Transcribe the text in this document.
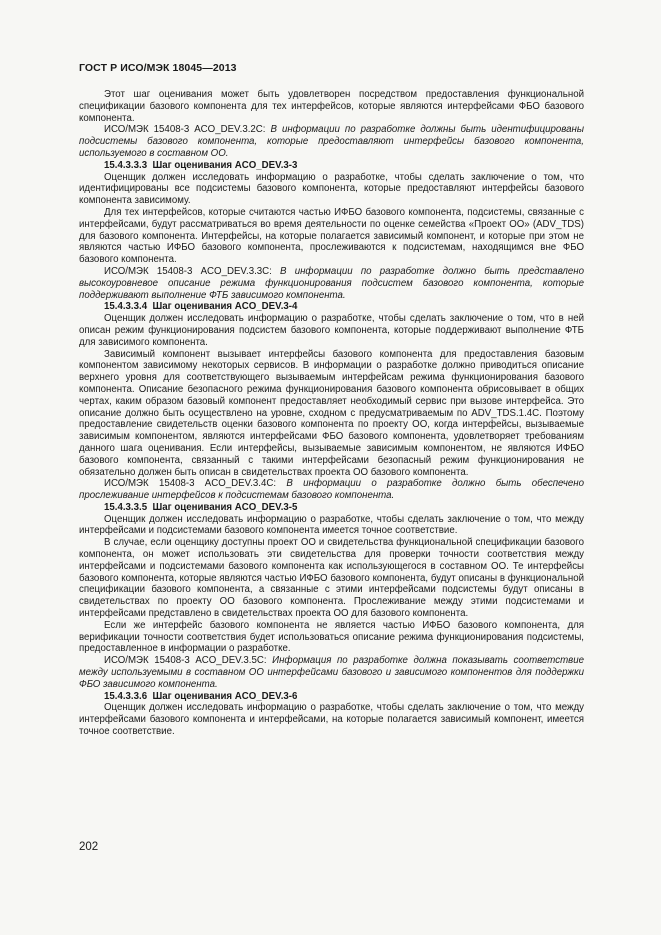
ГОСТ Р ИСО/МЭК 18045—2013

Этот шаг оценивания может быть удовлетворен посредством предоставления функциональной спецификации базового компонента для тех интерфейсов, которые являются интерфейсами ФБО базового компонента.

ИСО/МЭК 15408-3 ACO_DEV.3.2C: В информации по разработке должны быть идентифицированы подсистемы базового компонента, которые предоставляют интерфейсы базового компонента, используемого в составном ОО.

15.4.3.3.3 Шаг оценивания ACO_DEV.3-3

Оценщик должен исследовать информацию о разработке, чтобы сделать заключение о том, что идентифицированы все подсистемы базового компонента, которые предоставляют интерфейсы базового компонента зависимому.

Для тех интерфейсов, которые считаются частью ИФБО базового компонента, подсистемы, связанные с интерфейсами, будут рассматриваться во время деятельности по оценке семейства «Проект ОО» (ADV_TDS) для базового компонента. Интерфейсы, на которые полагается зависимый компонент, и которые при этом не являются частью ИФБО базового компонента, прослеживаются к подсистемам, находящимся вне ФБО базового компонента.

ИСО/МЭК 15408-3 ACO_DEV.3.3C: В информации по разработке должно быть представлено высокоуровневое описание режима функционирования подсистем базового компонента, которые поддерживают выполнение ФТБ зависимого компонента.

15.4.3.3.4 Шаг оценивания ACO_DEV.3-4

Оценщик должен исследовать информацию о разработке, чтобы сделать заключение о том, что в ней описан режим функционирования подсистем базового компонента, которые поддерживают выполнение ФТБ для зависимого компонента.

Зависимый компонент вызывает интерфейсы базового компонента для предоставления базовым компонентом зависимому некоторых сервисов. В информации о разработке должно приводиться описание верхнего уровня для соответствующего вызываемым интерфейсам режима функционирования базового компонента. Описание безопасного режима функционирования базового компонента обрисовывает в общих чертах, каким образом базовый компонент предоставляет необходимый сервис при вызове интерфейса. Это описание должно быть осуществлено на уровне, сходном с предусматриваемым по ADV_TDS.1.4C. Поэтому предоставление свидетельств оценки базового компонента по проекту ОО, когда интерфейсы, вызываемые зависимым компонентом, являются интерфейсами ФБО базового компонента, удовлетворяет требованиям данного шага оценивания. Если интерфейсы, вызываемые зависимым компонентом, не являются ИФБО базового компонента, связанный с такими интерфейсами безопасный режим функционирования не обязательно должен быть описан в свидетельствах проекта ОО базового компонента.

ИСО/МЭК 15408-3 ACO_DEV.3.4C: В информации о разработке должно быть обеспечено прослеживание интерфейсов к подсистемам базового компонента.

15.4.3.3.5 Шаг оценивания ACO_DEV.3-5

Оценщик должен исследовать информацию о разработке, чтобы сделать заключение о том, что между интерфейсами и подсистемами базового компонента имеется точное соответствие.

В случае, если оценщику доступны проект ОО и свидетельства функциональной спецификации базового компонента, он может использовать эти свидетельства для проверки точности соответствия между интерфейсами и подсистемами базового компонента как использующегося в составном ОО. Те интерфейсы базового компонента, которые являются частью ИФБО базового компонента, будут описаны в функциональной спецификации базового компонента, а связанные с этими интерфейсами подсистемы будут описаны в свидетельствах по проекту ОО базового компонента. Прослеживание между этими подсистемами и интерфейсами представлено в свидетельствах проекта ОО для базового компонента.

Если же интерфейс базового компонента не является частью ИФБО базового компонента, для верификации точности соответствия будет использоваться описание режима функционирования подсистемы, предоставленное в информации о разработке.

ИСО/МЭК 15408-3 ACO_DEV.3.5C: Информация по разработке должна показывать соответствие между используемыми в составном ОО интерфейсами базового и зависимого компонентов для поддержки ФБО зависимого компонента.

15.4.3.3.6 Шаг оценивания ACO_DEV.3-6

Оценщик должен исследовать информацию о разработке, чтобы сделать заключение о том, что между интерфейсами базового компонента и интерфейсами, на которые полагается зависимый компонент, имеется точное соответствие.

202
